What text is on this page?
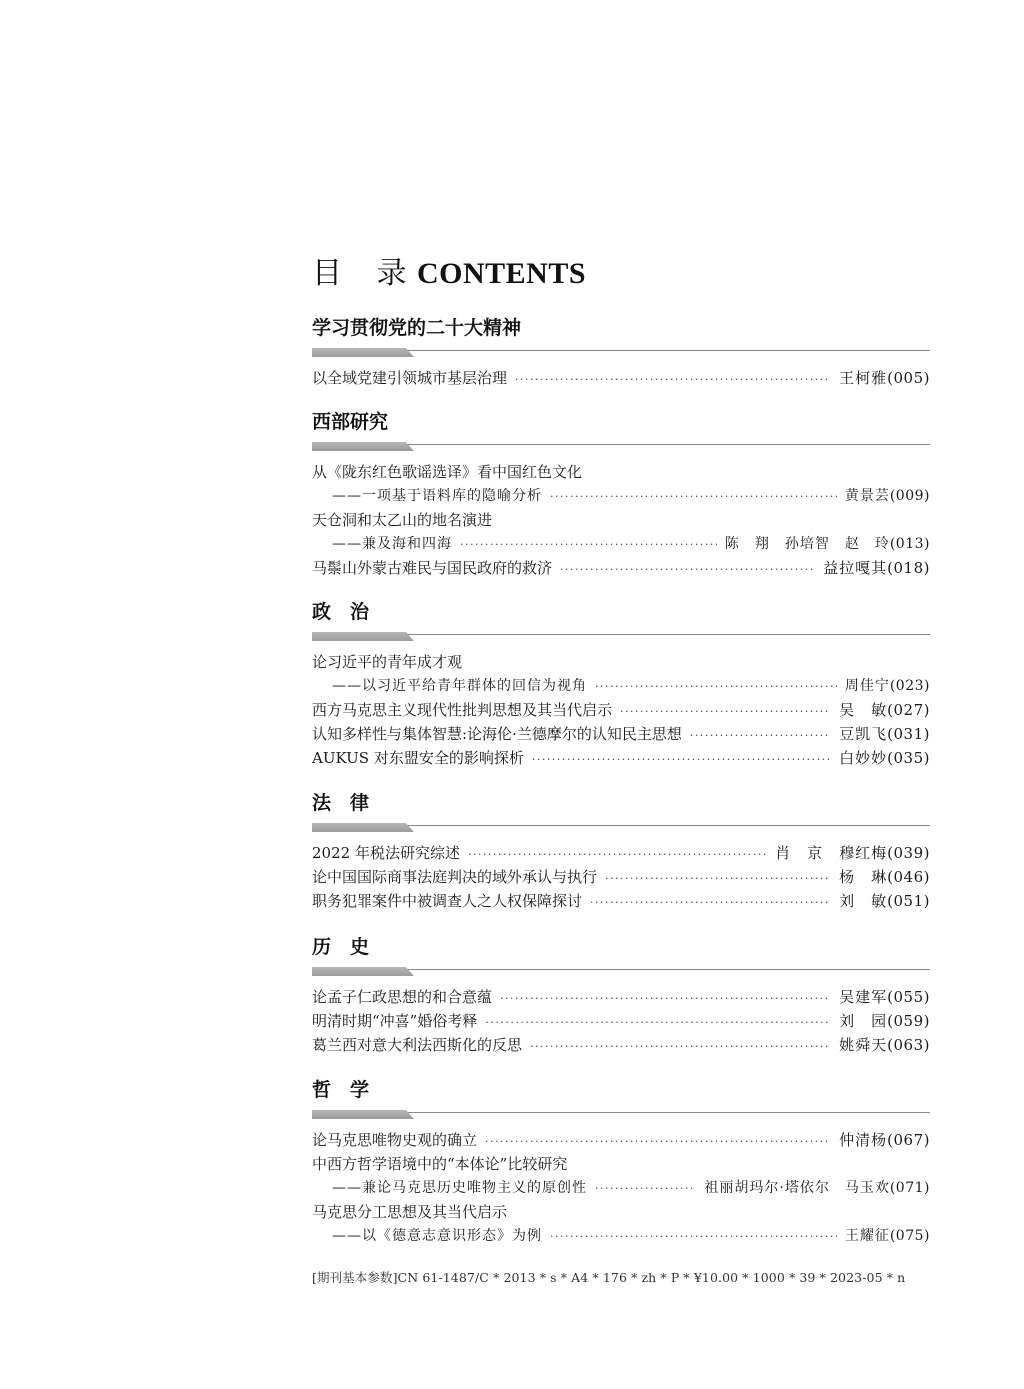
目 录 CONTENTS
学习贯彻党的二十大精神
以全域党建引领城市基层治理 ·····	王柯雅 (005)
西部研究
从《陇东红色歌谣选译》看中国红色文化
——一项基于语料库的隐喻分析 ·····	黄景芸 (009)
天仓洞和太乙山的地名演进
——兼及海和四海 ·····	陈　翔　孙培智　赵　玲 (013)
马鬃山外蒙古难民与国民政府的救济 ·····	益拉嘎其 (018)
政　治
论习近平的青年成才观
——以习近平给青年群体的回信为视角 ·····	周佳宁 (023)
西方马克思主义现代性批判思想及其当代启示 ·····	吴　敏 (027)
认知多样性与集体智慧:论海伦·兰德摩尔的认知民主思想 ·····	豆凯飞 (031)
AUKUS 对东盟安全的影响探析 ·····	白妙妙 (035)
法　律
2022 年税法研究综述 ·····	肖　京　穆红梅 (039)
论中国国际商事法庭判决的域外承认与执行 ·····	杨　琳 (046)
职务犯罪案件中被调查人之人权保障探讨 ·····	刘　敏 (051)
历　史
论孟子仁政思想的和合意蕴 ·····	吴建军 (055)
明清时期“冲喜”婚俗考释 ·····	刘　园 (059)
葛兰西对意大利法西斯化的反思 ·····	姚舜天 (063)
哲　学
论马克思唯物史观的确立 ·····	仲清杨 (067)
中西方哲学语境中的“本体论”比较研究
——兼论马克思历史唯物主义的原创性 ·····	祖丽胡玛尔·塔依尔　马玉欢 (071)
马克思分工思想及其当代启示
——以《德意志意识形态》为例 ·····	王耀征 (075)
[期刊基本参数]CN 61-1487/C * 2013 * s * A4 * 176 * zh * P * ¥10.00 * 1000 * 39 * 2023-05 * n
